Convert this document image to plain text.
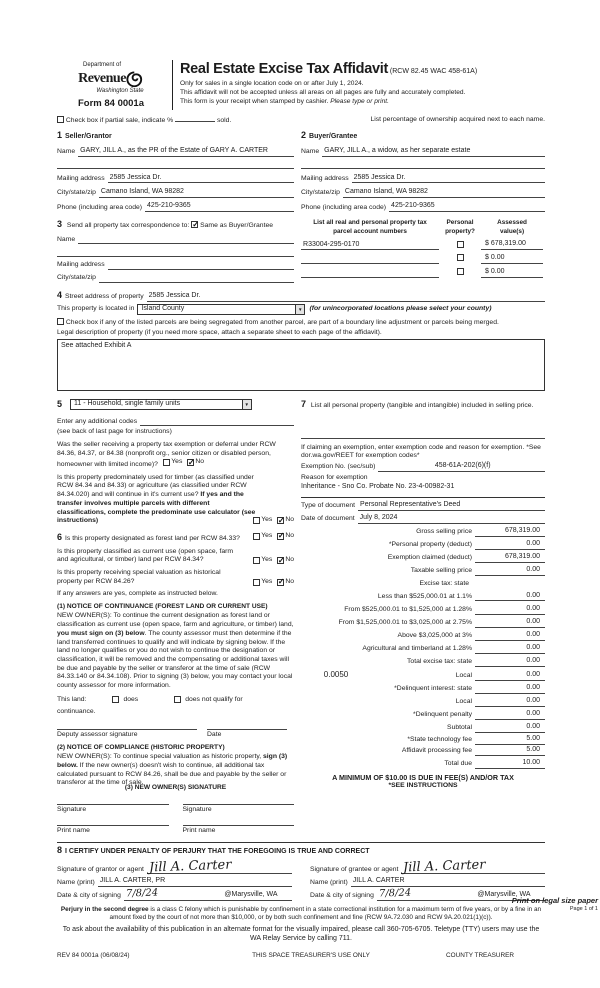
Department of
Revenue
Washington State
Form 84 0001a
Real Estate Excise Tax Affidavit (RCW 82.45 WAC 458-61A)
Only for sales in a single location code on or after July 1, 2024.
This affidavit will not be accepted unless all areas on all pages are fully and accurately completed.
This form is your receipt when stamped by cashier. Please type or print.
Check box if partial sale, indicate %	sold.	List percentage of ownership acquired next to each name.
1 Seller/Grantor
Name GARY, JILL A., as the PR of the Estate of GARY A. CARTER
Mailing address 2585 Jessica Dr.
City/state/zip Camano Island, WA 98282
Phone (including area code) 425-210-9365
2 Buyer/Grantee
Name GARY, JILL A., a widow, as her separate estate
Mailing address 2585 Jessica Dr.
City/state/zip Camano Island, WA 98282
Phone (including area code) 425-210-9365
3 Send all property tax correspondence to: ✓ Same as Buyer/Grantee
Name
Mailing address
City/state/zip
List all real and personal property tax
parcel account numbers
Personal
property?
Assessed
value(s)
R33004-295-0170	$ 678,319.00
$ 0.00
$ 0.00
4 Street address of property 2585 Jessica Dr.
This property is located in	Island County ▼	(for unincorporated locations please select your county)
Check box if any of the listed parcels are being segregated from another parcel, are part of a boundary line adjustment or parcels being merged.
Legal description of property (if you need more space, attach a separate sheet to each page of the affidavit).
See attached Exhibit A
5	11 - Household, single family units
▼
Enter any additional codes
(see back of last page for instructions)
Was the seller receiving a property tax exemption or deferral under RCW 84.36, 84.37, or 84.38 (nonprofit org., senior citizen or disabled person, homeowner with limited income)? Yes ✓ No
Is this property predominately used for timber (as classified under RCW 84.34 and 84.33) or agriculture (as classified under RCW 84.34.020) and will continue in it's current use? If yes and the transfer involves multiple parcels with different classifications, complete the predominate use calculator (see instructions)	Yes ✓ No
6 Is this property designated as forest land per RCW 84.33?	Yes ✓ No
Is this property classified as current use (open space, farm and agricultural, or timber) land per RCW 84.34?	Yes ✓ No
Is this property receiving special valuation as historical property per RCW 84.26?	Yes ✓ No
If any answers are yes, complete as instructed below.
(1) NOTICE OF CONTINUANCE (FOREST LAND OR CURRENT USE)
NEW OWNER(S): To continue the current designation as forest land or classification as current use (open space, farm and agriculture, or timber) land, you must sign on (3) below. The county assessor must then determine if the land transferred continues to qualify and will indicate by signing below. If the land no longer qualifies or you do not wish to continue the designation or classification, it will be removed and the compensating or additional taxes will be due and payable by the seller or transferor at the time of sale (RCW 84.33.140 or 84.34.108). Prior to signing (3) below, you may contact your local county assessor for more information.
This land:	does	does not qualify for
continuance.
Deputy assessor signature	Date
(2) NOTICE OF COMPLIANCE (HISTORIC PROPERTY)
NEW OWNER(S): To continue special valuation as historic property, sign (3) below. If the new owner(s) doesn't wish to continue, all additional tax calculated pursuant to RCW 84.26, shall be due and payable by the seller or transferor at the time of sale.
(3) NEW OWNER(S) SIGNATURE
Signature	Signature
Print name	Print name
7 List all personal property (tangible and intangible) included in selling price.
If claiming an exemption, enter exemption code and reason for exemption. *See dor.wa.gov/REET for exemption codes*
Exemption No. (sec/sub)	458-61A-202(6)(f)
Reason for exemption
Inheritance - Sno Co. Probate No. 23-4-00982-31
Type of document Personal Representative's Deed
Date of document July 8, 2024
Gross selling price	678,319.00
*Personal property (deduct)	0.00
Exemption claimed (deduct)	678,319.00
Taxable selling price	0.00
Excise tax: state
Less than $525,000.01 at 1.1%	0.00
From $525,000.01 to $1,525,000 at 1.28%	0.00
From $1,525,000.01 to $3,025,000 at 2.75%	0.00
Above $3,025,000 at 3%	0.00
Agricultural and timberland at 1.28%	0.00
Total excise tax: state	0.00
0.0050	Local	0.00
*Delinquent interest: state	0.00
Local	0.00
*Delinquent penalty	0.00
Subtotal	0.00
*State technology fee	5.00
Affidavit processing fee	5.00
Total due	10.00
A MINIMUM OF $10.00 IS DUE IN FEE(S) AND/OR TAX
*SEE INSTRUCTIONS
8 I CERTIFY UNDER PENALTY OF PERJURY THAT THE FOREGOING IS TRUE AND CORRECT
Signature of grantor or agent Jill A. Carter
Name (print) JILL A. CARTER, PR
Date & city of signing 7/8/24	@Marysville, WA
Signature of grantee or agent Jill A. Carter
Name (print) JILL A. CARTER
Date & city of signing 7/8/24	@Marysville, WA
Perjury in the second degree is a class C felony which is punishable by confinement in a state correctional institution for a maximum term of five years, or by a fine in an amount fixed by the court of not more than $10,000, or by both such confinement and fine (RCW 9A.72.030 and RCW 9A.20.021(1)(c)).
To ask about the availability of this publication in an alternate format for the visually impaired, please call 360-705-6705. Teletype (TTY) users may use the WA Relay Service by calling 711.
REV 84 0001a (06/08/24)	THIS SPACE TREASURER'S USE ONLY	COUNTY TREASURER
Print on legal size paper
Page 1 of 1
